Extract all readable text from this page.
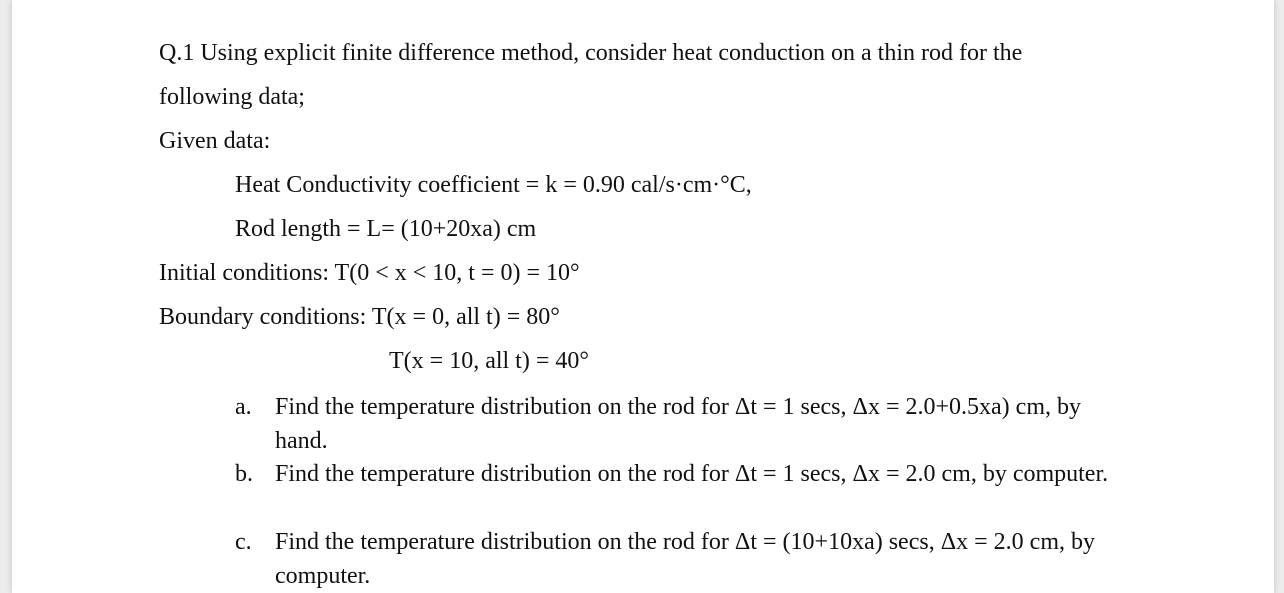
Q.1 Using explicit finite difference method, consider heat conduction on a thin rod for the
following data;
Given data:
Heat Conductivity coefficient = k = 0.90 cal/s·cm·°C,
Rod length = L= (10+20xa) cm
Initial conditions: T(0 < x < 10, t = 0) = 10°
Boundary conditions: T(x = 0, all t) = 80°
T(x = 10, all t) = 40°
a. Find the temperature distribution on the rod for Δt = 1 secs, Δx = 2.0+0.5xa) cm, by hand.
b. Find the temperature distribution on the rod for Δt = 1 secs, Δx = 2.0 cm, by computer.
c. Find the temperature distribution on the rod for Δt = (10+10xa) secs, Δx = 2.0 cm, by computer.
